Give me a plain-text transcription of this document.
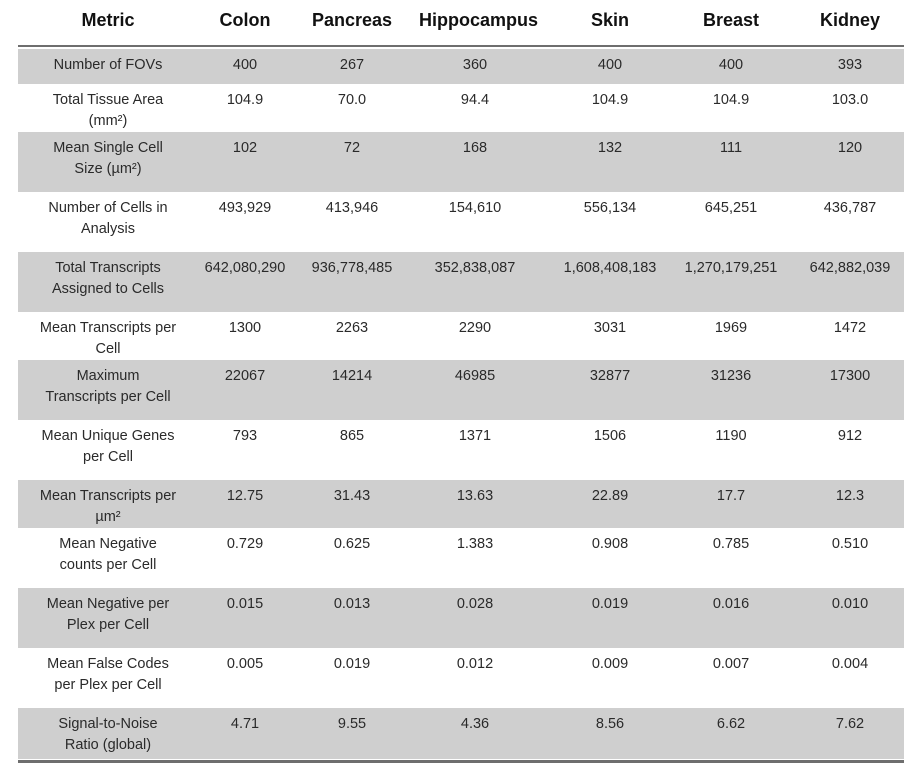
Metric	Colon	Pancreas	Hippocampus	Skin	Breast	Kidney
Number of FOVs	400	267	360	400	400	393
Total Tissue Area
(mm²)
104.9	70.0	94.4	104.9	104.9	103.0
Mean Single Cell
Size (µm²)
102	72	168	132	111	120
Number of Cells in
Analysis
493,929	413,946	154,610	556,134	645,251	436,787
Total Transcripts
Assigned to Cells
642,080,290	936,778,485	352,838,087	1,608,408,183	1,270,179,251	642,882,039
Mean Transcripts per
Cell
1300	2263	2290	3031	1969	1472
Maximum
Transcripts per Cell
22067	14214	46985	32877	31236	17300
Mean Unique Genes
per Cell
793	865	1371	1506	1190	912
Mean Transcripts per
µm²
12.75	31.43	13.63	22.89	17.7	12.3
Mean Negative
counts per Cell
0.729	0.625	1.383	0.908	0.785	0.510
Mean Negative per
Plex per Cell
0.015	0.013	0.028	0.019	0.016	0.010
Mean False Codes
per Plex per Cell
0.005	0.019	0.012	0.009	0.007	0.004
Signal-to-Noise
Ratio (global)
4.71	9.55	4.36	8.56	6.62	7.62
